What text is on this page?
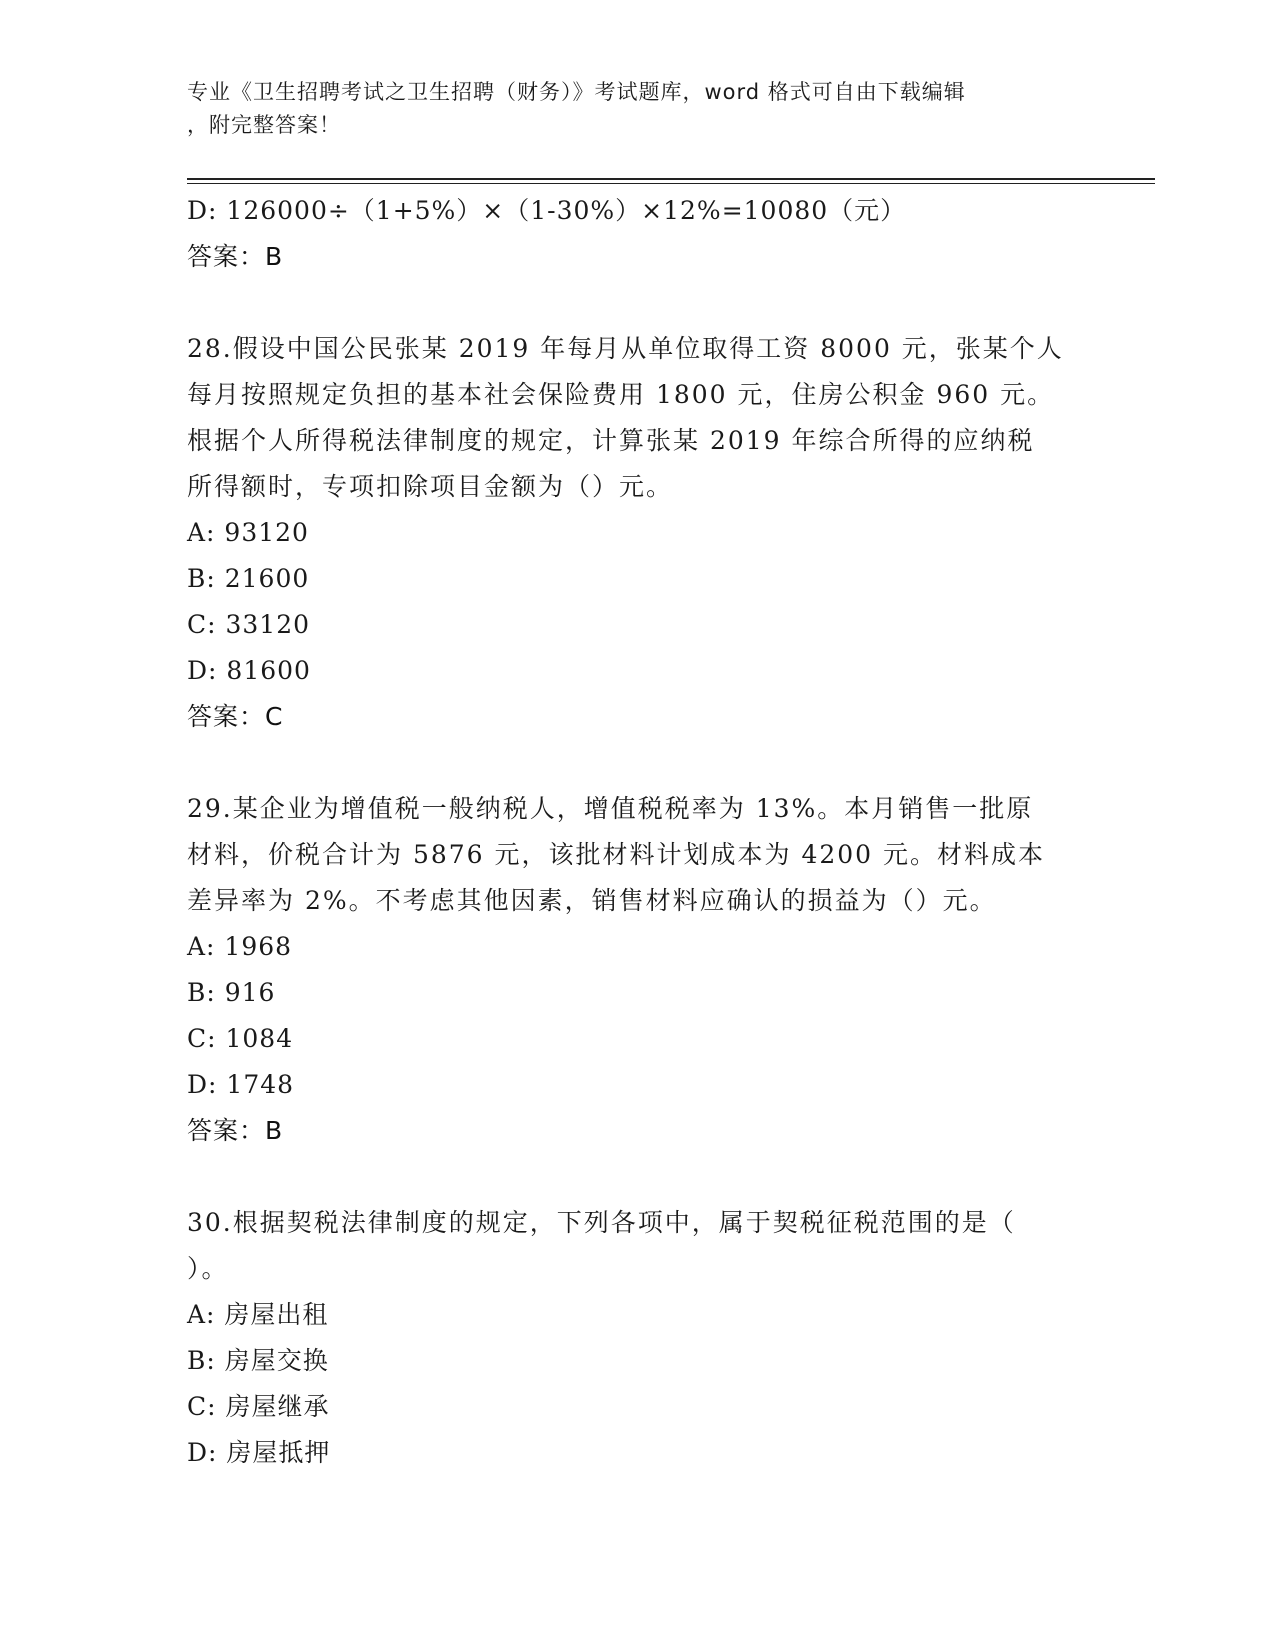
专业《卫生招聘考试之卫生招聘（财务）》考试题库，word 格式可自由下载编辑
，附完整答案！
D: 126000÷（1+5%）×（1-30%）×12%=10080（元）
答案：B
28.假设中国公民张某 2019 年每月从单位取得工资 8000 元，张某个人
每月按照规定负担的基本社会保险费用 1800 元，住房公积金 960 元。
根据个人所得税法律制度的规定，计算张某 2019 年综合所得的应纳税
所得额时，专项扣除项目金额为（）元。
A: 93120
B: 21600
C: 33120
D: 81600
答案：C
29.某企业为增值税一般纳税人，增值税税率为 13%。本月销售一批原
材料，价税合计为 5876 元，该批材料计划成本为 4200 元。材料成本
差异率为 2%。不考虑其他因素，销售材料应确认的损益为（）元。
A: 1968
B: 916
C: 1084
D: 1748
答案：B
30.根据契税法律制度的规定，下列各项中，属于契税征税范围的是（
）。
A: 房屋出租
B: 房屋交换
C: 房屋继承
D: 房屋抵押
